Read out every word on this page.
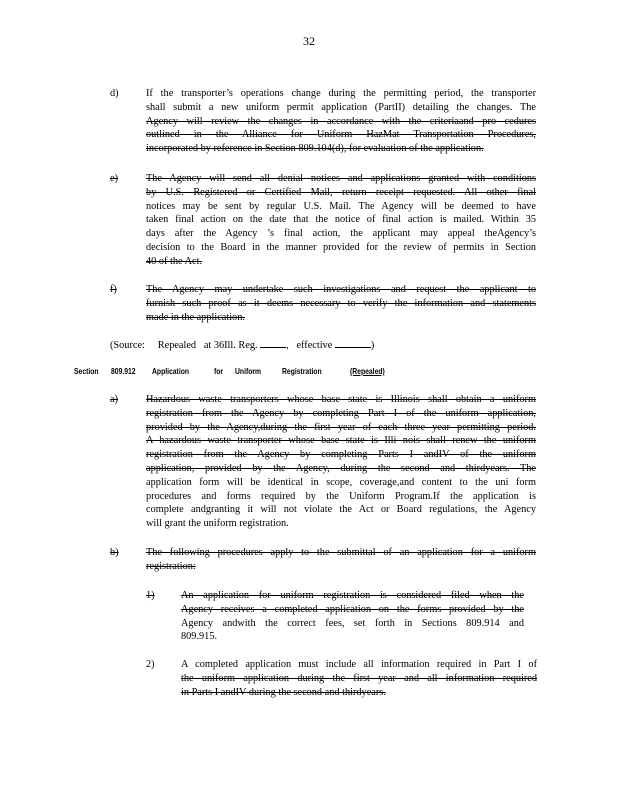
32
d)	If the transporter’s operations change during the permitting period, the transporter
shall submit a new uniform permit application (PartII) detailing the changes. The
Agency will review the changes in accordance with the criteriaand pro cedures
outlined in the Alliance for Uniform HazMat Transportation Procedures,
incorporated by reference in Section 809.104(d), for evaluation of the application.
e)	The Agency will send all denial notices and applications granted with conditions
by U.S. Registered or Certified Mail, return receipt requested. All other final
notices may be sent by regular U.S. Mail. The Agency will be deemed to have
taken final action on the date that the notice of final action is mailed. Within 35
days after the Agency ’s final action, the applicant may appeal theAgency’s
decision to the Board in the manner provided for the review of permits in Section
40 of the Act.
f)	The Agency may undertake such investigations and request the applicant to
furnish such proof as it deems necessary to verify the information and statements
made in the application.
(Source: Repealed at 36Ill. Reg.	,   effective	)
Section 809.912 Application	for Uniform	Registration	(Repealed)
a)	Hazardous waste transporters whose base state is Illinois shall obtain a uniform
registration from the Agency by completing Part I of the uniform application,
provided by the Agency,during the first year of each three year permitting period.
A hazardous waste transporter whose base state is Illi nois shall renew the uniform
registration from the Agency by completing Parts I andIV of the uniform
application, provided by the Agency, during the second and thirdyears. The
application form will be identical in scope, coverage,and content to the uni form
procedures and forms required by the Uniform Program.If the application is
complete andgranting it will not violate the Act or Board regulations, the Agency
will grant the uniform registration.
b)	The following procedures apply to the submittal of an application for a uniform
registration:
1)	An application for uniform registration is considered filed when the
Agency receives a completed application on the forms provided by the
Agency andwith the correct fees, set forth in Sections 809.914 and
809.915.
2)	A completed application must include all information required in Part I of
the uniform application during the first year and all information required
in Parts I andIV during the second and thirdyears.
